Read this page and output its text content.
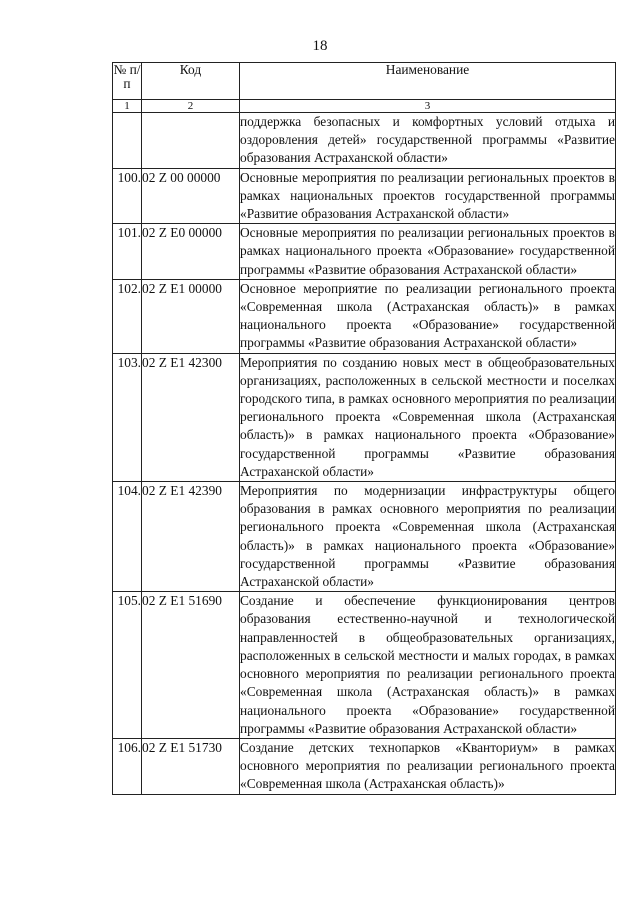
18
№ п/п	Код	Наименование
1	2	3
		поддержка безопасных и комфортных условий отдыха и оздоровления детей» государственной программы «Развитие образования Астраханской области»
100.	02 Z 00 00000	Основные мероприятия по реализации региональных проектов в рамках национальных проектов государственной программы «Развитие образования Астраханской области»
101.	02 Z E0 00000	Основные мероприятия по реализации региональных проектов в рамках национального проекта «Образование» государственной программы «Развитие образования Астраханской области»
102.	02 Z E1 00000	Основное мероприятие по реализации регионального проекта «Современная школа (Астраханская область)» в рамках национального проекта «Образование» государственной программы «Развитие образования Астраханской области»
103.	02 Z E1 42300	Мероприятия по созданию новых мест в общеобразовательных организациях, расположенных в сельской местности и поселках городского типа, в рамках основного мероприятия по реализации регионального проекта «Современная школа (Астраханская область)» в рамках национального проекта «Образование» государственной программы «Развитие образования Астраханской области»
104.	02 Z E1 42390	Мероприятия по модернизации инфраструктуры общего образования в рамках основного мероприятия по реализации регионального проекта «Современная школа (Астраханская область)» в рамках национального проекта «Образование» государственной программы «Развитие образования Астраханской области»
105.	02 Z E1 51690	Создание и обеспечение функционирования центров образования естественно-научной и технологической направленностей в общеобразовательных организациях, расположенных в сельской местности и малых городах, в рамках основного мероприятия по реализации регионального проекта «Современная школа (Астраханская область)» в рамках национального проекта «Образование» государственной программы «Развитие образования Астраханской области»
106.	02 Z E1 51730	Создание детских технопарков «Кванториум» в рамках основного мероприятия по реализации регионального проекта «Современная школа (Астраханская область)»
